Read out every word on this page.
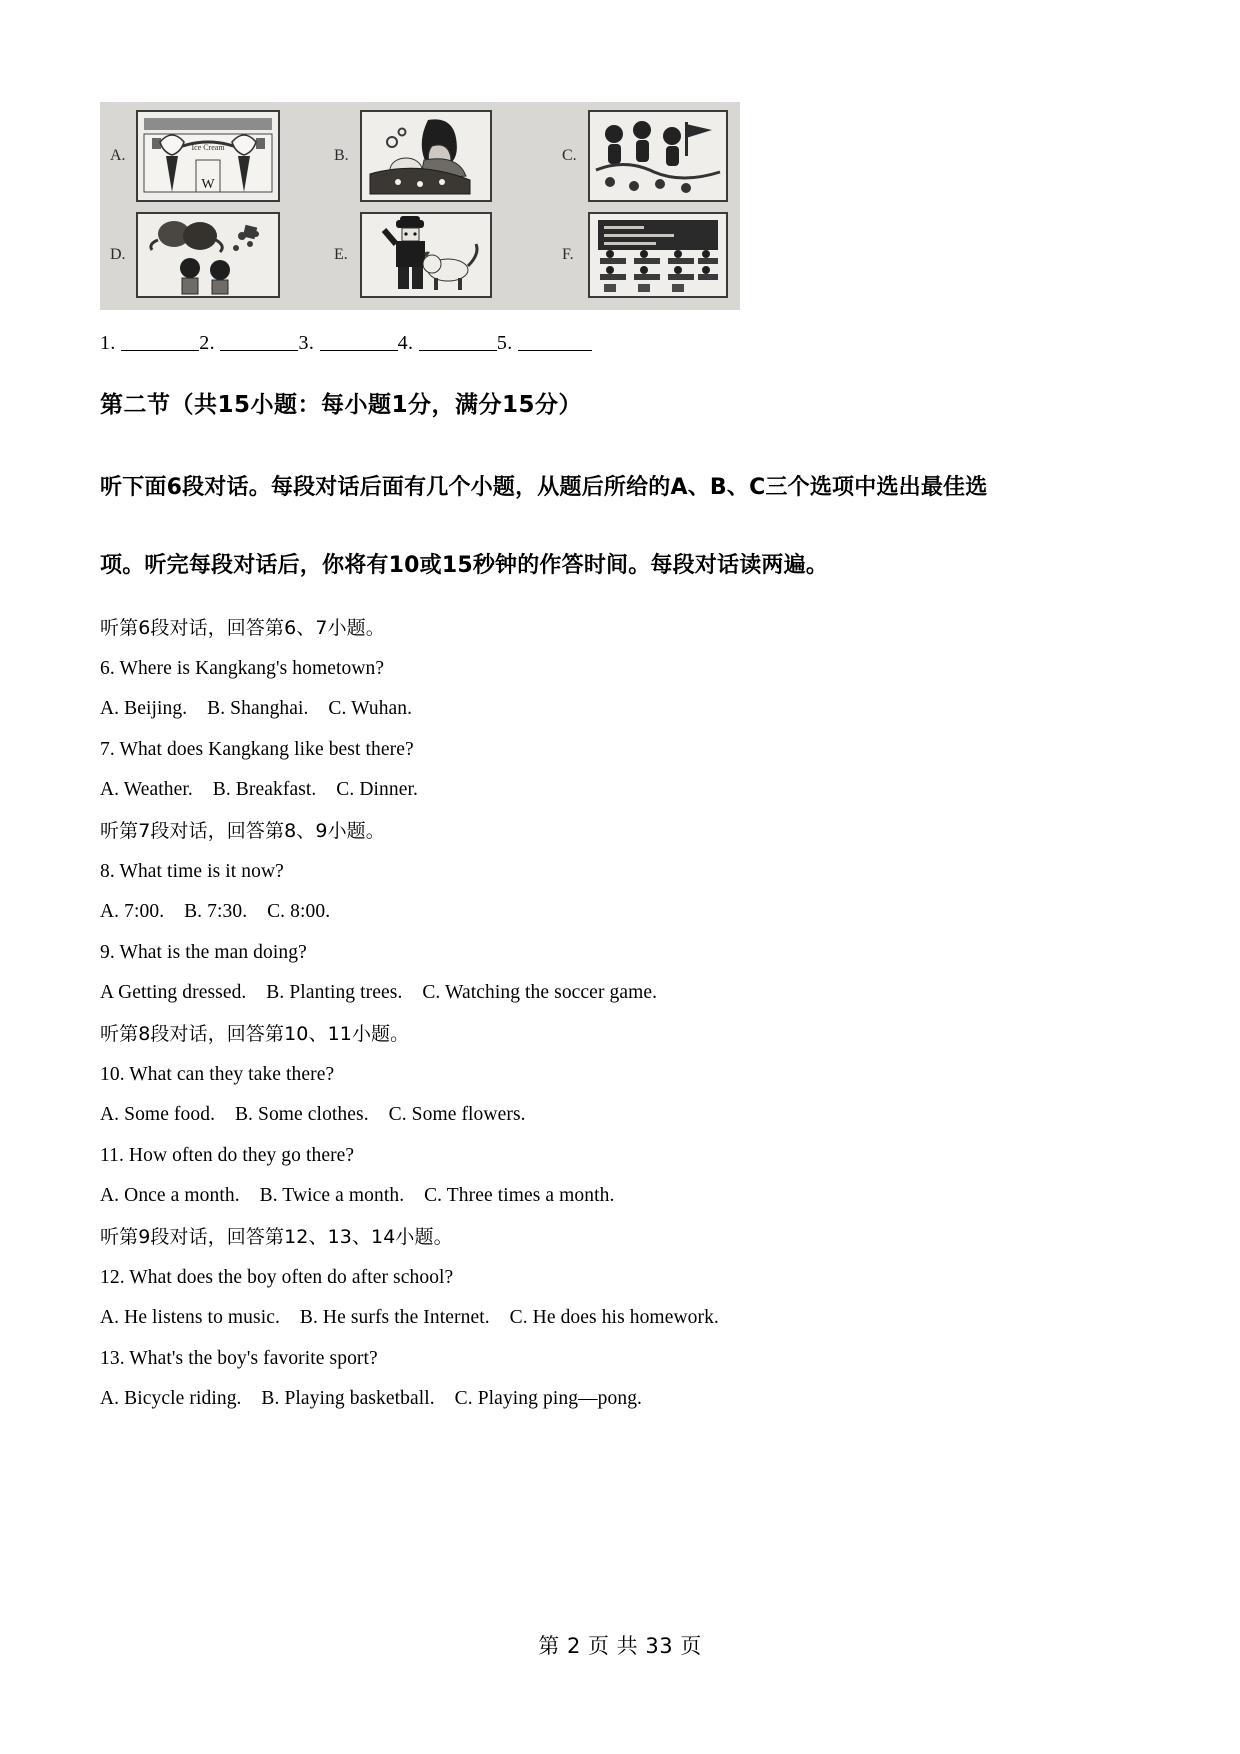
A.	Ice Cream
W
B.	C.
D.	E.	F.
1.	2.	3.	4.	5.
第二节（共15小题：每小题1分，满分15分）
听下面6段对话。每段对话后面有几个小题，从题后所给的A、B、C三个选项中选出最佳选
项。听完每段对话后，你将有10或15秒钟的作答时间。每段对话读两遍。
听第6段对话，回答第6、7小题。
6. Where is Kangkang's hometown?
A. Beijing.    B. Shanghai.    C. Wuhan.
7. What does Kangkang like best there?
A. Weather.    B. Breakfast.    C. Dinner.
听第7段对话，回答第8、9小题。
8. What time is it now?
A. 7:00.    B. 7:30.    C. 8:00.
9. What is the man doing?
A Getting dressed.    B. Planting trees.    C. Watching the soccer game.
听第8段对话，回答第10、11小题。
10. What can they take there?
A. Some food.    B. Some clothes.    C. Some flowers.
11. How often do they go there?
A. Once a month.    B. Twice a month.    C. Three times a month.
听第9段对话，回答第12、13、14小题。
12. What does the boy often do after school?
A. He listens to music.    B. He surfs the Internet.    C. He does his homework.
13. What's the boy's favorite sport?
A. Bicycle riding.    B. Playing basketball.    C. Playing ping—pong.
第 2 页 共 33 页
